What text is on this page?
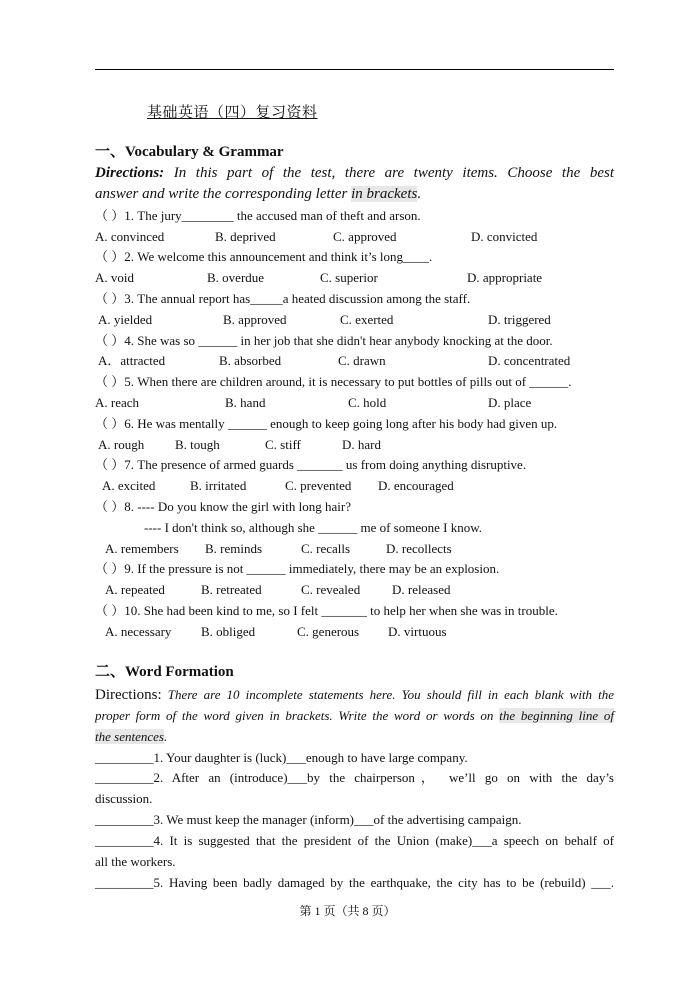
基础英语（四）复习资料
一、Vocabulary & Grammar
Directions: In this part of the test, there are twenty items. Choose the best
answer and write the corresponding letter in brackets.
（ ）1. The jury________ the accused man of theft and arson.
A. convinced	B. deprived	C. approved	D. convicted
（ ）2. We welcome this announcement and think it’s long____.
A. void	B. overdue	C. superior	D. appropriate
（ ）3. The annual report has_____a heated discussion among the staff.
A. yielded	B. approved	C. exerted	D. triggered
（ ）4. She was so ______ in her job that she didn't hear anybody knocking at the door.
A．attracted	B. absorbed	C. drawn	D. concentrated
（ ）5. When there are children around, it is necessary to put bottles of pills out of ______.
A. reach	B. hand	C. hold	D. place
（ ）6. He was mentally ______ enough to keep going long after his body had given up.
A. rough B. tough	C. stiff	D. hard
（ ）7. The presence of armed guards _______ us from doing anything disruptive.
A. excited	B. irritated	C. prevented D. encouraged
（ ）8. ---- Do you know the girl with long hair?
---- I don't think so, although she ______ me of someone I know.
A. remembers B. reminds	C. recalls	D. recollects
（ ）9. If the pressure is not ______ immediately, there may be an explosion.
A. repeated	B. retreated	C. revealed D. released
（ ）10. She had been kind to me, so I felt _______ to help her when she was in trouble.
A. necessary B. obliged	C. generous D. virtuous
二、Word Formation
Directions: There are 10 incomplete statements here. You should fill in each blank with the
proper form of the word given in brackets. Write the word or words on the beginning line of
the sentences.
_________1. Your daughter is (luck)___enough to have large company.
_________2. After an (introduce)___by the chairperson， we’ll go on with the day’s
discussion.
_________3. We must keep the manager (inform)___of the advertising campaign.
_________4. It is suggested that the president of the Union (make)___a speech on behalf of
all the workers.
_________5. Having been badly damaged by the earthquake, the city has to be (rebuild) ___.
第 1 页（共 8 页）
